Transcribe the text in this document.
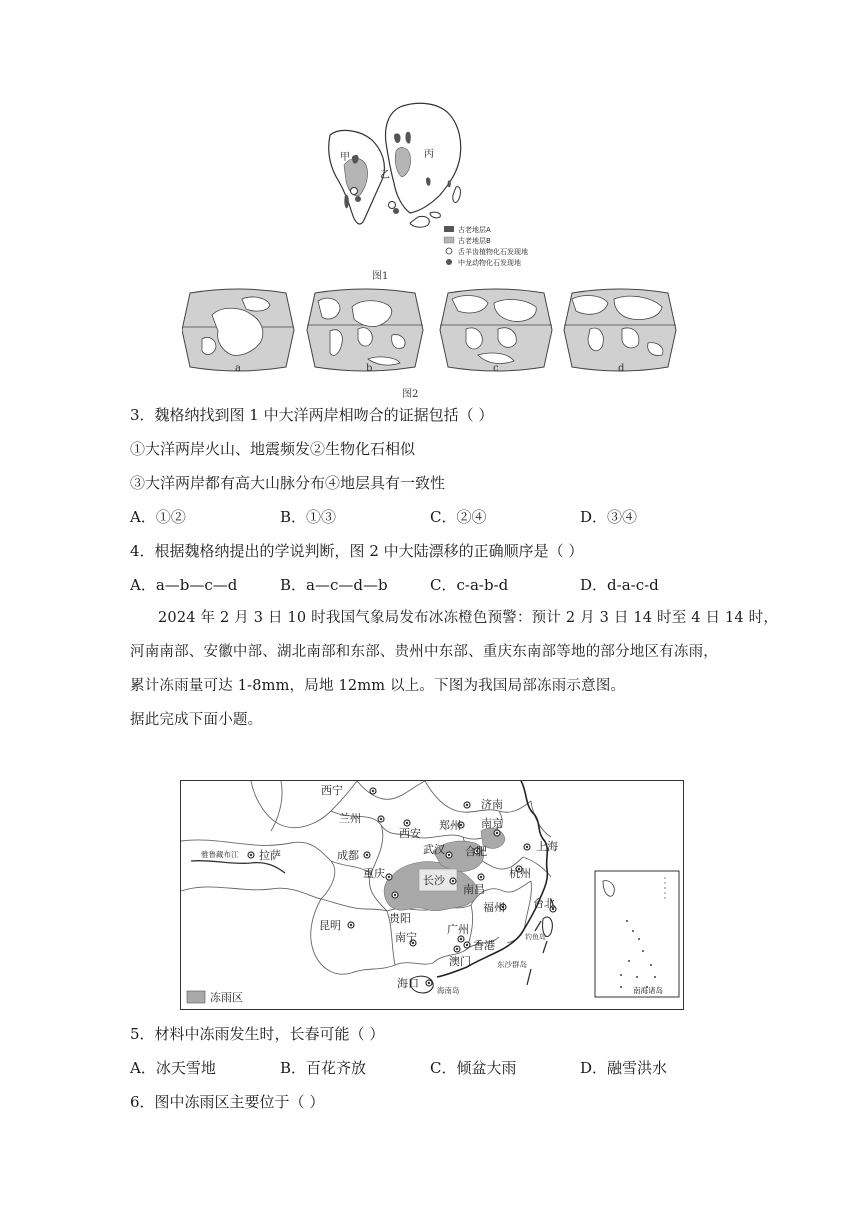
甲
乙
丙
古老地层A
古老地层B
舌羊齿植物化石发现地
中龙动物化石发现地
图1
a	b	c	d
图2
3．魏格纳找到图 1 中大洋两岸相吻合的证据包括（ ）
①大洋两岸火山、地震频发②生物化石相似
③大洋两岸都有高大山脉分布④地层具有一致性
A．①②	B．①③	C．②④	D．③④
4．根据魏格纳提出的学说判断，图 2 中大陆漂移的正确顺序是（ ）
A．a—b—c—d	B．a—c—d—b	C．c-a-b-d	D．d-a-c-d
2024 年 2 月 3 日 10 时我国气象局发布冰冻橙色预警：预计 2 月 3 日 14 时至 4 日 14 时，
河南南部、安徽中部、湖北南部和东部、贵州中东部、重庆东南部等地的部分地区有冻雨，
累计冻雨量可达 1-8mm，局地 12mm 以上。下图为我国局部冻雨示意图。
据此完成下面小题。
南海诸岛
冻雨区
雅鲁藏布江
海南岛
东沙群岛
钓鱼岛
西宁
兰州
济南
郑州
西安
南京
上海
拉萨	成都	武汉 合肥
杭州
重庆
长沙
南昌
贵阳
福州	台北
昆明	广州
南宁
香港
澳门
海口
5．材料中冻雨发生时，长春可能（ ）
A．冰天雪地	B．百花齐放	C．倾盆大雨	D．融雪洪水
6．图中冻雨区主要位于（ ）
